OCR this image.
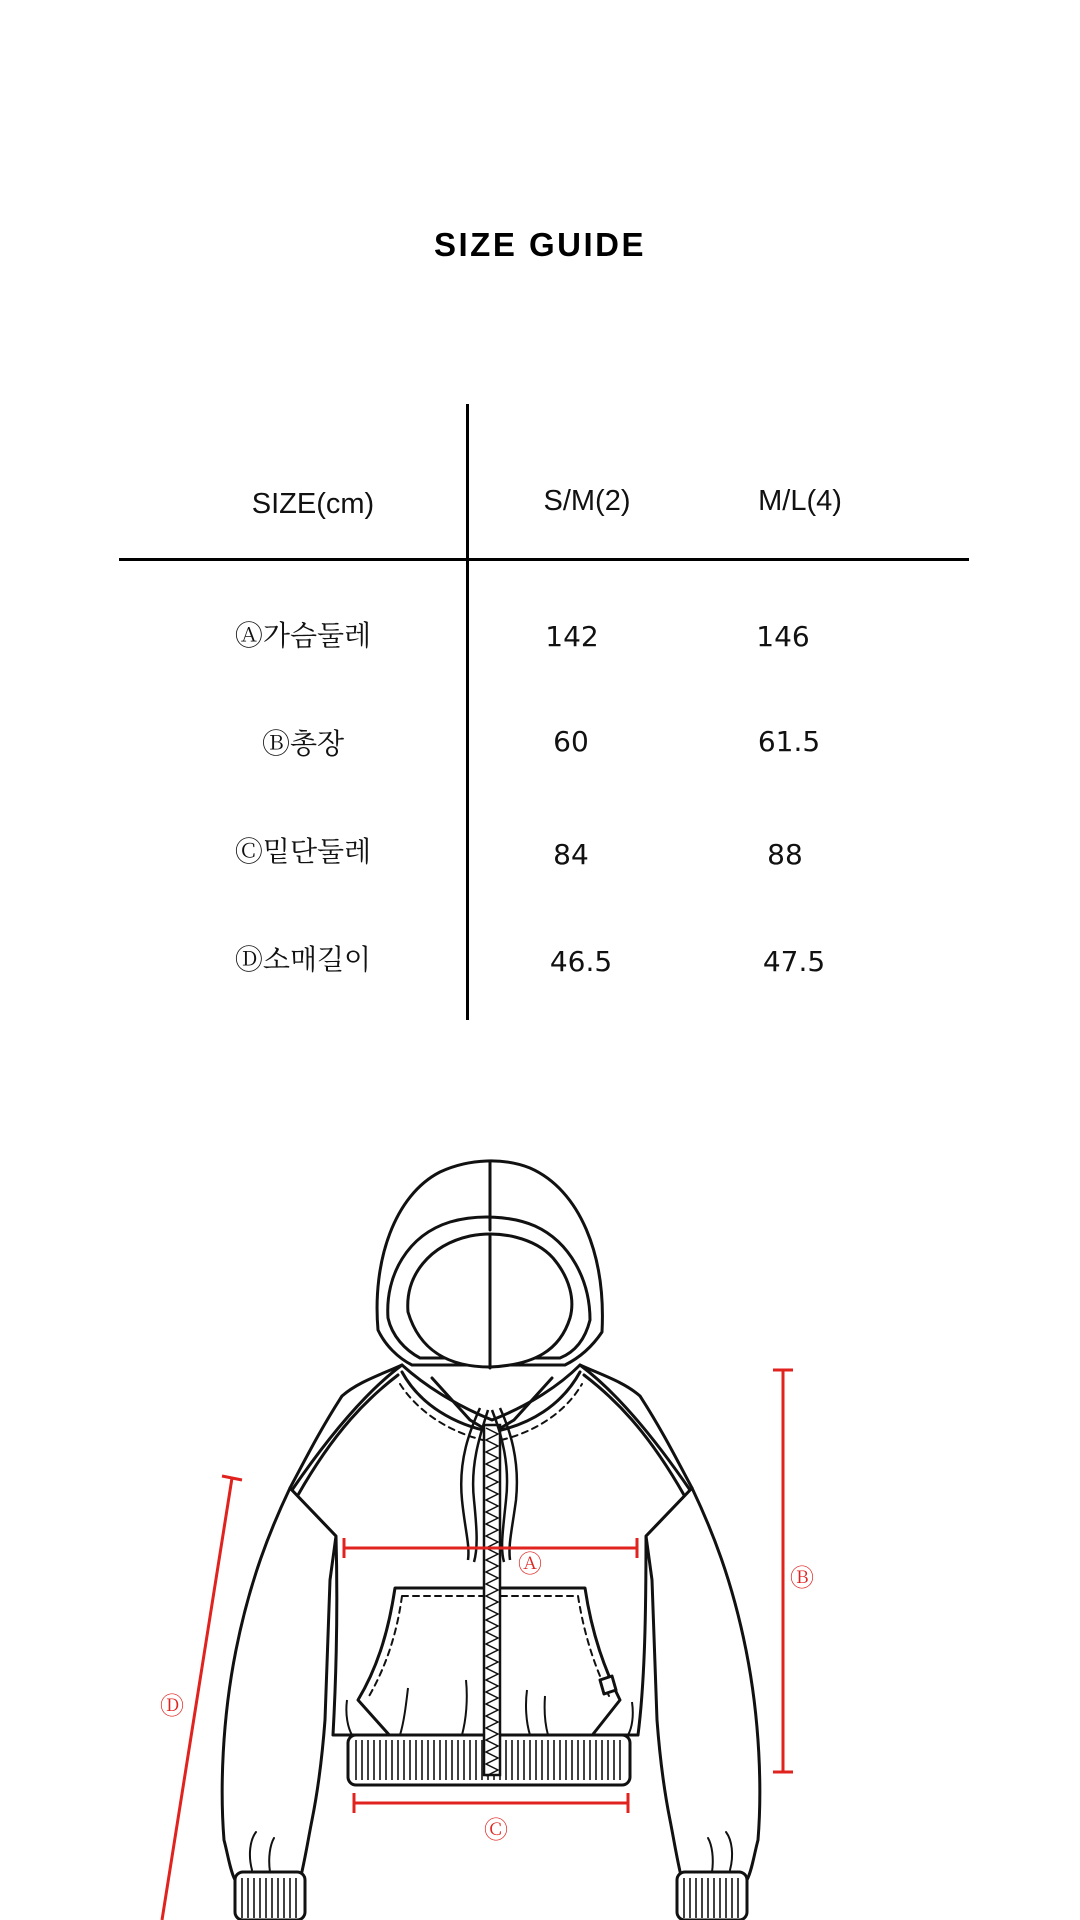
SIZE GUIDE
SIZE(cm)	S/M(2)	M/L(4)
Ⓐ가슴둘레	142	146
Ⓑ총장	60	61.5
Ⓒ밑단둘레	84	88
Ⓓ소매길이	46.5	47.5
Ⓐ	Ⓑ
Ⓒ
Ⓓ
